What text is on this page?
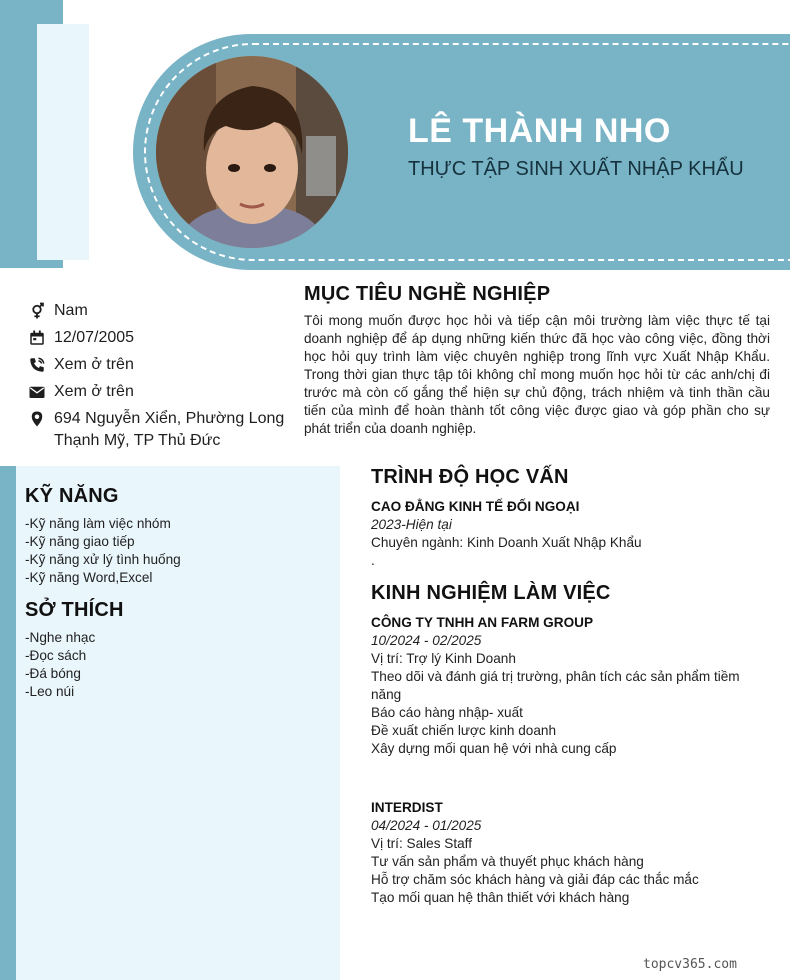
LÊ THÀNH NHO
THỰC TẬP SINH XUẤT NHẬP KHẨU
Nam
12/07/2005
Xem ở trên
Xem ở trên
694 Nguyễn Xiển, Phường Long Thạnh Mỹ, TP Thủ Đức
MỤC TIÊU NGHỀ NGHIỆP

Tôi mong muốn được học hỏi và tiếp cận môi trường làm việc thực tế tại doanh nghiệp để áp dụng những kiến thức đã học vào công việc, đồng thời học hỏi quy trình làm việc chuyên nghiệp trong lĩnh vực Xuất Nhập Khẩu. Trong thời gian thực tập tôi không chỉ mong muốn học hỏi từ các anh/chị đi trước mà còn cố gắng thể hiện sự chủ động, trách nhiệm và tinh thần cầu tiến của mình để hoàn thành tốt công việc được giao và góp phần cho sự phát triển của doanh nghiệp.

KỸ NĂNG
-Kỹ năng làm việc nhóm
-Kỹ năng giao tiếp
-Kỹ năng xử lý tình huống
-Kỹ năng Word,Excel
SỞ THÍCH
-Nghe nhạc
-Đọc sách
-Đá bóng
-Leo núi
TRÌNH ĐỘ HỌC VẤN
CAO ĐẲNG KINH TẾ ĐỐI NGOẠI
2023-Hiện tại
Chuyên ngành: Kinh Doanh Xuất Nhập Khẩu
.
KINH NGHIỆM LÀM VIỆC
CÔNG TY TNHH AN FARM GROUP
10/2024 - 02/2025
Vị trí: Trợ lý Kinh Doanh
Theo dõi và đánh giá trị trường, phân tích các sản phẩm tiềm năng
Báo cáo hàng nhập- xuất
Đề xuất chiến lược kinh doanh
Xây dựng mối quan hệ với nhà cung cấp
INTERDIST
04/2024 - 01/2025
Vị trí: Sales Staff
Tư vấn sản phẩm và thuyết phục khách hàng
Hỗ trợ chăm sóc khách hàng và giải đáp các thắc mắc
Tạo mối quan hệ thân thiết với khách hàng
topcv365.com
